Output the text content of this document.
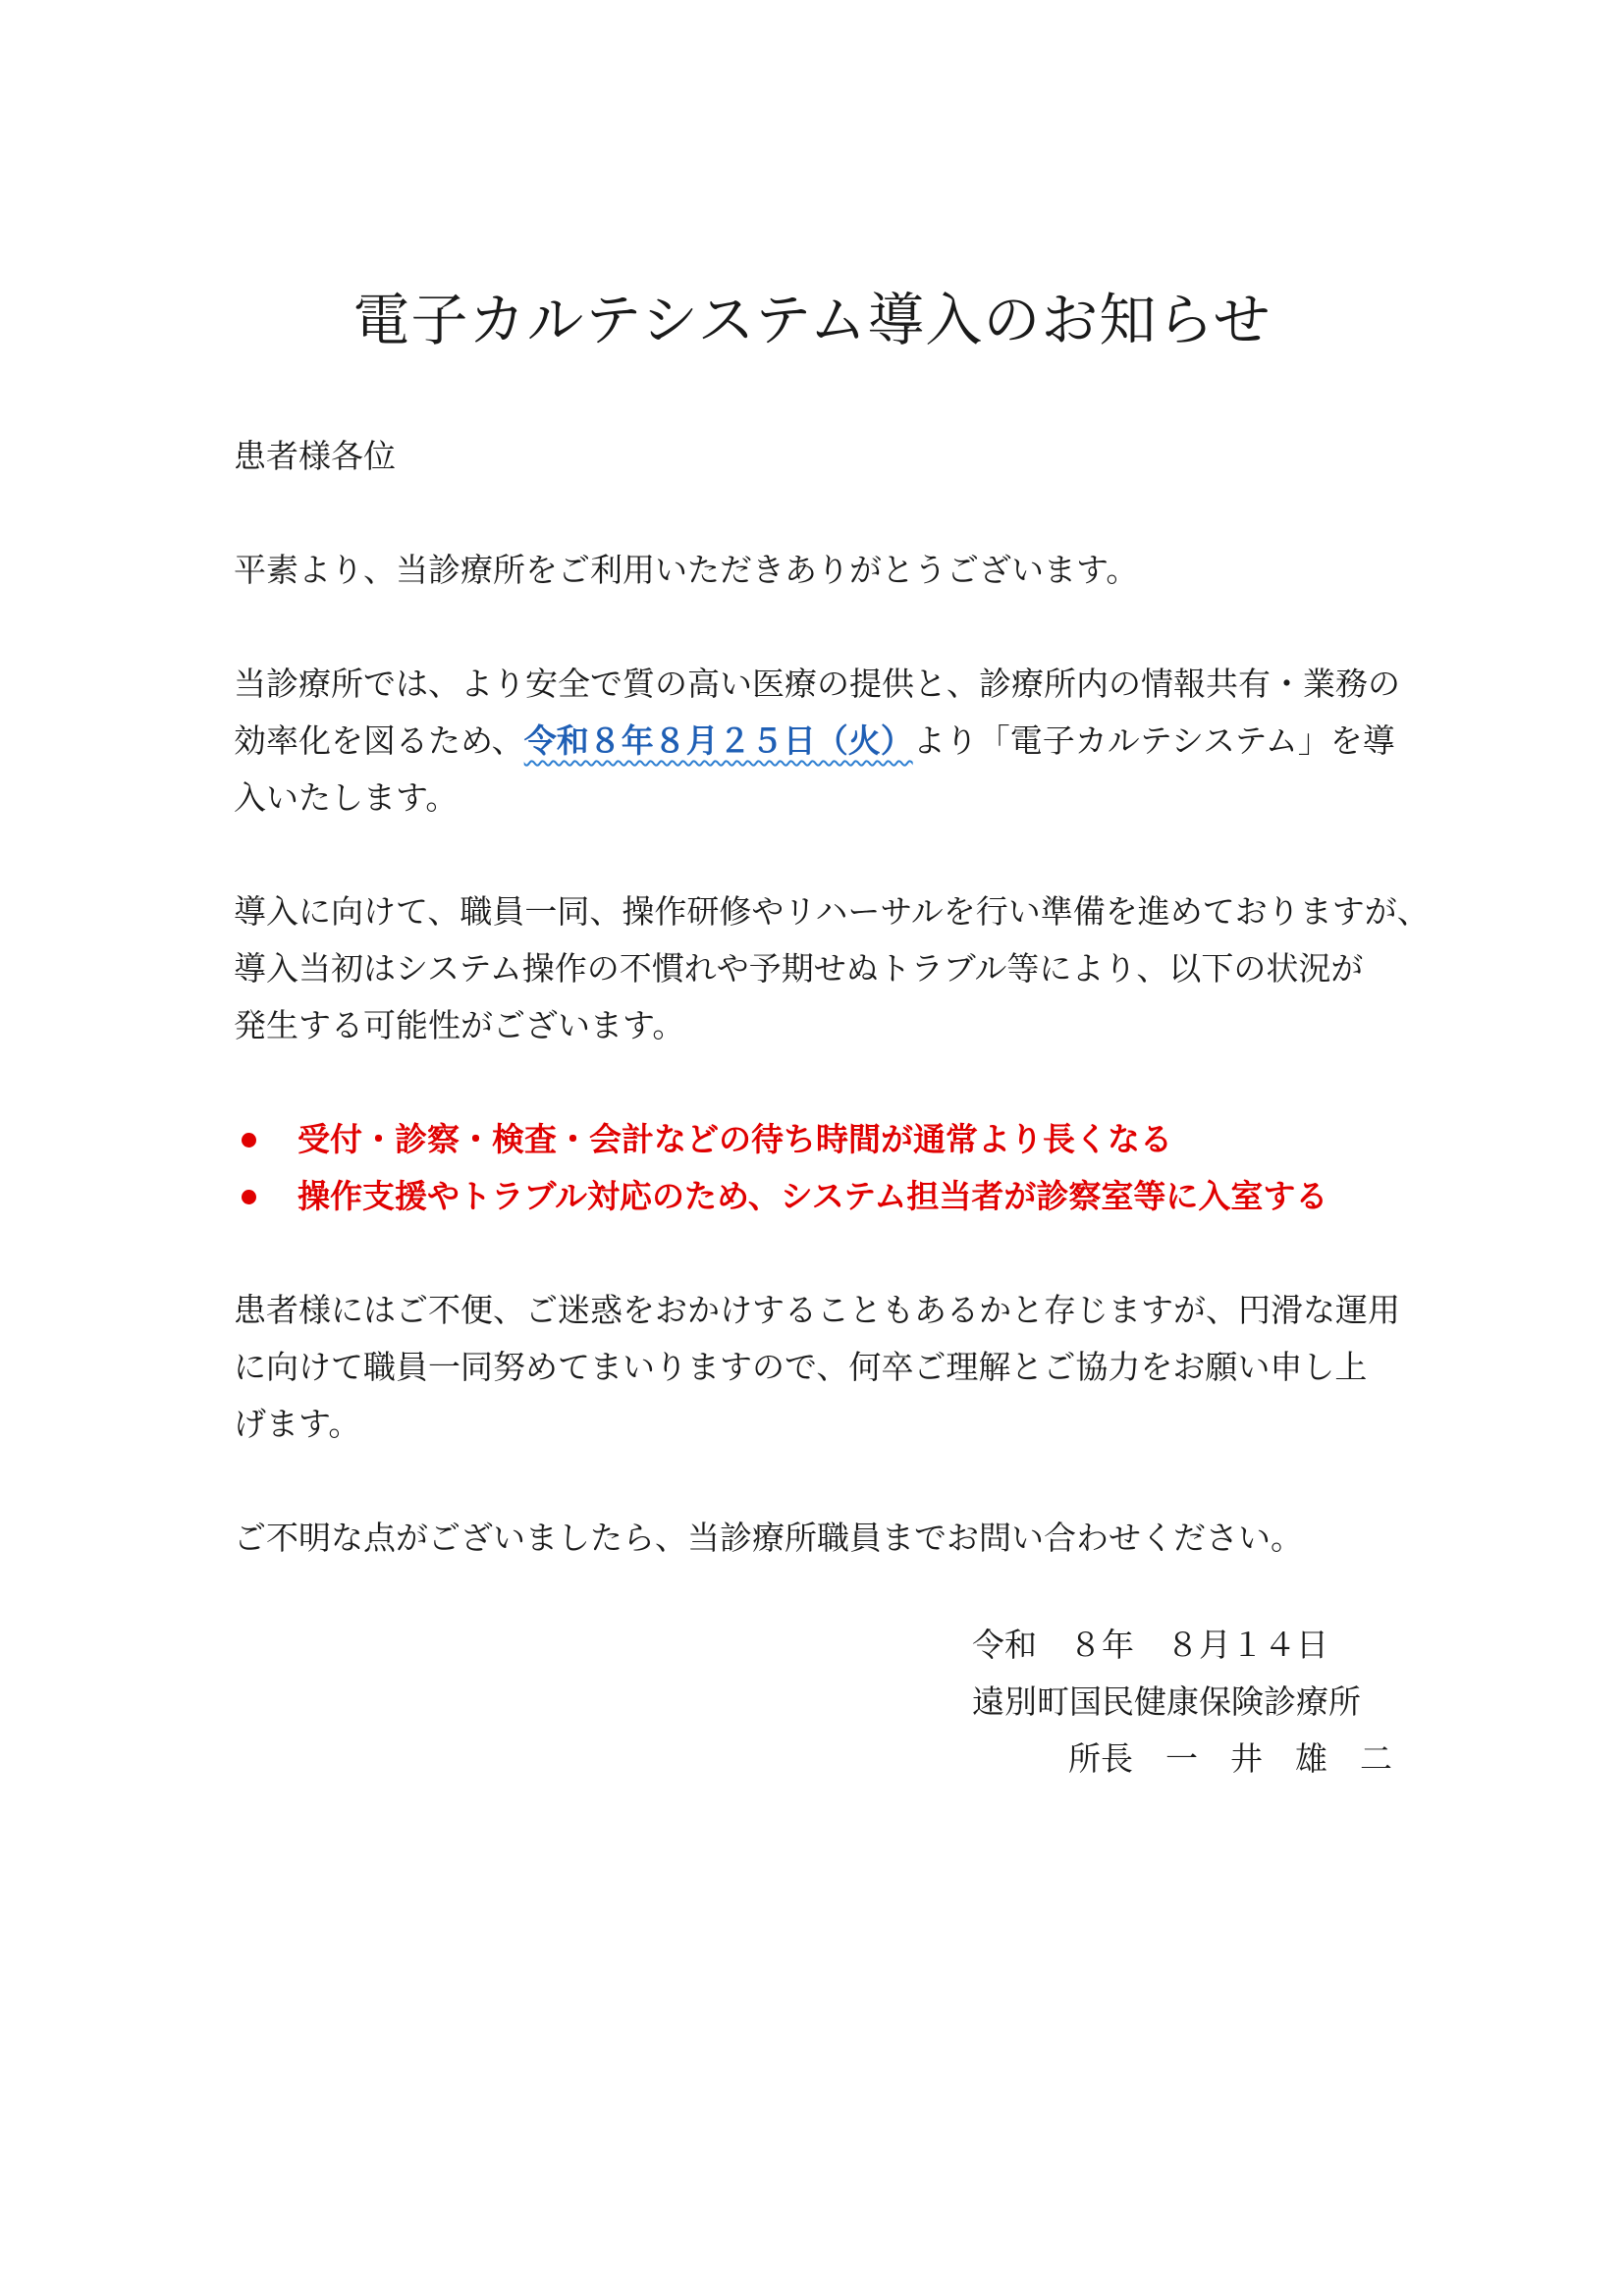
電子カルテシステム導入のお知らせ

患者様各位

平素より、当診療所をご利用いただきありがとうございます。

当診療所では、より安全で質の高い医療の提供と、診療所内の情報共有・業務の

効率化を図るため、令和８年８月２５日（火）より「電子カルテシステム」を導

入いたします。

導入に向けて、職員一同、操作研修やリハーサルを行い準備を進めておりますが、

導入当初はシステム操作の不慣れや予期せぬトラブル等により、以下の状況が

発生する可能性がございます。

受付・診察・検査・会計などの待ち時間が通常より長くなる
操作支援やトラブル対応のため、システム担当者が診察室等に入室する

患者様にはご不便、ご迷惑をおかけすることもあるかと存じますが、円滑な運用

に向けて職員一同努めてまいりますので、何卒ご理解とご協力をお願い申し上

げます。

ご不明な点がございましたら、当診療所職員までお問い合わせください。

令和　８年　８月１４日
遠別町国民健康保険診療所
所長　一　井　雄　二
